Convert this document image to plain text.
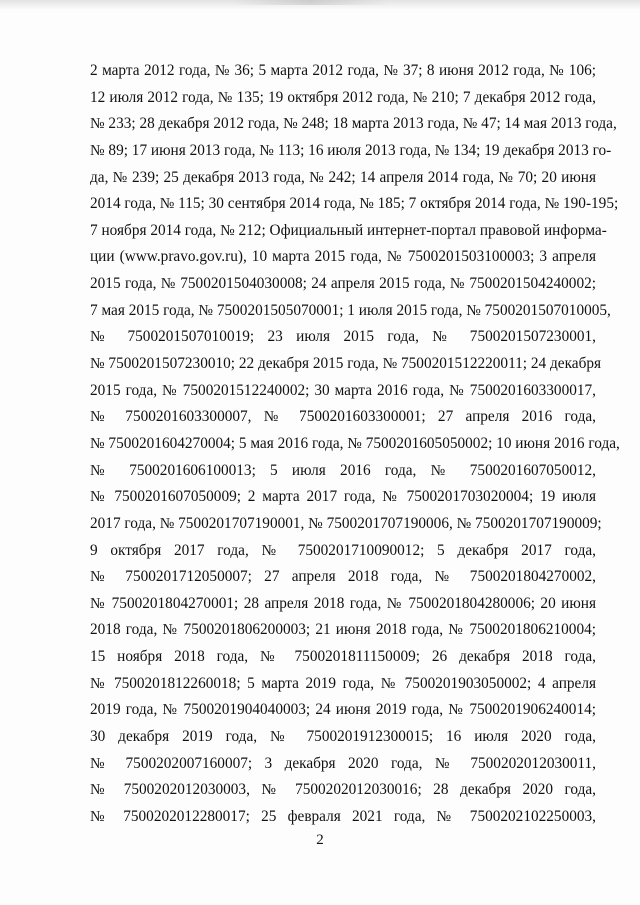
2 марта 2012 года, № 36; 5 марта 2012 года, № 37; 8 июня 2012 года, № 106;
12 июля 2012 года, № 135; 19 октября 2012 года, № 210; 7 декабря 2012 года,
№ 233; 28 декабря 2012 года, № 248; 18 марта 2013 года, № 47; 14 мая 2013 года,
№ 89; 17 июня 2013 года, № 113; 16 июля 2013 года, № 134; 19 декабря 2013 го-
да, № 239; 25 декабря 2013 года, № 242; 14 апреля 2014 года, № 70; 20 июня
2014 года, № 115; 30 сентября 2014 года, № 185; 7 октября 2014 года, № 190-195;
7 ноября 2014 года, № 212; Официальный интернет-портал правовой информа-
ции (www.pravo.gov.ru), 10 марта 2015 года, № 7500201503100003; 3 апреля
2015 года, № 7500201504030008; 24 апреля 2015 года, № 7500201504240002;
7 мая 2015 года, № 7500201505070001; 1 июля 2015 года, № 7500201507010005,
№ 7500201507010019; 23 июля 2015 года, № 7500201507230001,
№ 7500201507230010; 22 декабря 2015 года, № 7500201512220011; 24 декабря
2015 года, № 7500201512240002; 30 марта 2016 года, № 7500201603300017,
№ 7500201603300007, № 7500201603300001; 27 апреля 2016 года,
№ 7500201604270004; 5 мая 2016 года, № 7500201605050002; 10 июня 2016 года,
№ 7500201606100013; 5 июля 2016 года, № 7500201607050012,
№ 7500201607050009; 2 марта 2017 года, № 7500201703020004; 19 июля
2017 года, № 7500201707190001, № 7500201707190006, № 7500201707190009;
9 октября 2017 года, № 7500201710090012; 5 декабря 2017 года,
№ 7500201712050007; 27 апреля 2018 года, № 7500201804270002,
№ 7500201804270001; 28 апреля 2018 года, № 7500201804280006; 20 июня
2018 года, № 7500201806200003; 21 июня 2018 года, № 7500201806210004;
15 ноября 2018 года, № 7500201811150009; 26 декабря 2018 года,
№ 7500201812260018; 5 марта 2019 года, № 7500201903050002; 4 апреля
2019 года, № 7500201904040003; 24 июня 2019 года, № 7500201906240014;
30 декабря 2019 года, № 7500201912300015; 16 июля 2020 года,
№ 7500202007160007; 3 декабря 2020 года, № 7500202012030011,
№ 7500202012030003, № 7500202012030016; 28 декабря 2020 года,
№ 7500202012280017; 25 февраля 2021 года, № 7500202102250003,
2
